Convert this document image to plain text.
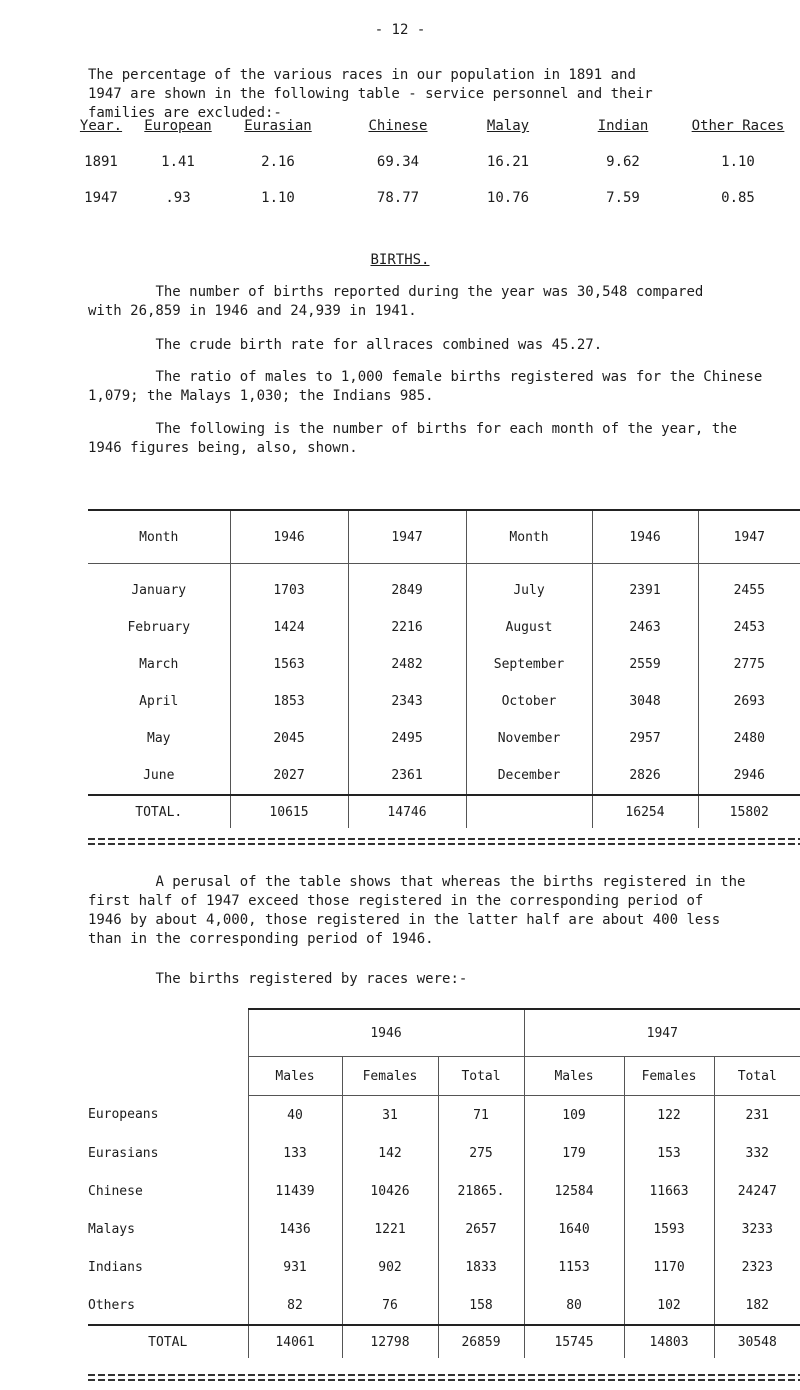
- 12 -
The percentage of the various races in our population in 1891 and
1947 are shown in the following table - service personnel and their
families are excluded:-
Year.	European	Eurasian	Chinese	Malay	Indian	Other Races
1891	1.41	2.16	69.34	16.21	9.62	1.10
1947	.93	1.10	78.77	10.76	7.59	0.85
BIRTHS.
The number of births reported during the year was 30,548 compared
with 26,859 in 1946 and 24,939 in 1941.
The crude birth rate for allraces combined was 45.27.
The ratio of males to 1,000 female births registered was for the Chinese
1,079; the Malays 1,030; the Indians 985.
The following is the number of births for each month of the year, the
1946 figures being, also, shown.
Month	1946	1947	Month	1946	1947
January	1703	2849	July	2391	2455
February	1424	2216	August	2463	2453
March	1563	2482	September	2559	2775
April	1853	2343	October	3048	2693
May	2045	2495	November	2957	2480
June	2027	2361	December	2826	2946
TOTAL.	10615	14746		16254	15802
A perusal of the table shows that whereas the births registered in the
first half of 1947 exceed those registered in the corresponding period of
1946 by about 4,000, those registered in the latter half are about 400 less
than in the corresponding period of 1946.
The births registered by races were:-
	1946			1947		
	Males	Females	Total	Males	Females	Total
Europeans	40	31	71	109	122	231
Eurasians	133	142	275	179	153	332
Chinese	11439	10426	21865.	12584	11663	24247
Malays	1436	1221	2657	1640	1593	3233
Indians	931	902	1833	1153	1170	2323
Others	82	76	158	80	102	182
TOTAL	14061	12798	26859	15745	14803	30548
